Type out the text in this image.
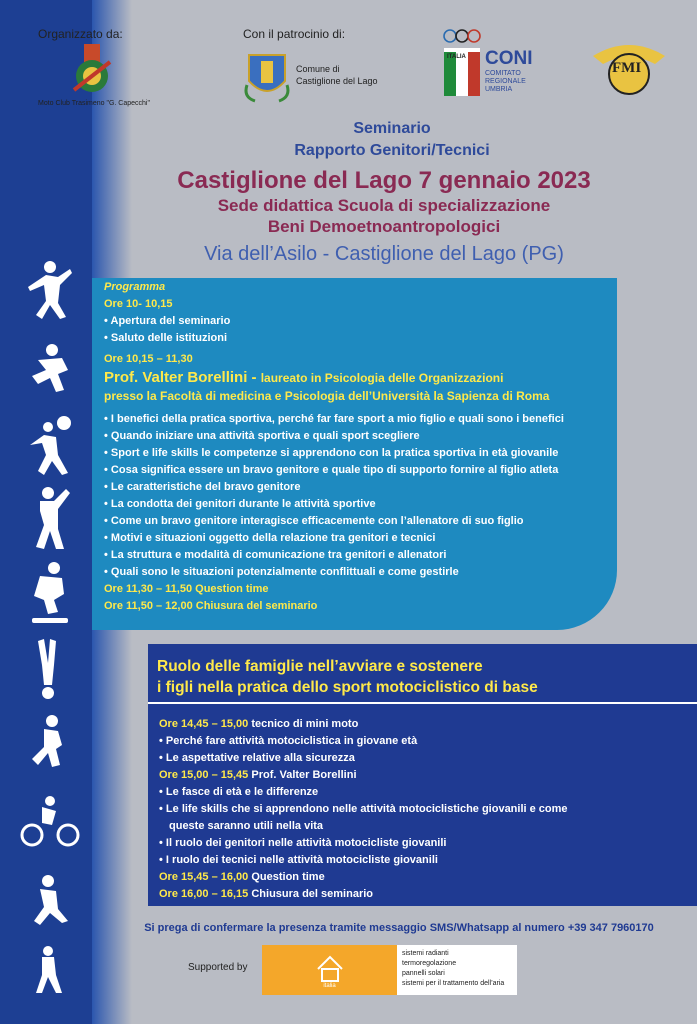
Organizzato da:
Moto Club Trasimeno "G. Capecchi"
Con il patrocinio di:
Comune di
Castiglione del Lago
ITALIA CONI
COMITATO
REGIONALE
UMBRIA
FMI
Seminario
Rapporto Genitori/Tecnici
Castiglione del Lago 7 gennaio 2023
Sede didattica Scuola di specializzazione
Beni Demoetnoantropologici
Via dell’Asilo - Castiglione del Lago (PG)
Programma
Ore 10- 10,15
• Apertura del seminario
• Saluto delle istituzioni
Ore 10,15 – 11,30
Prof. Valter Borellini - laureato in Psicologia delle Organizzazioni
presso la Facoltà di medicina e Psicologia dell’Università la Sapienza di Roma
• I benefici della pratica sportiva, perché far fare sport a mio figlio e quali sono i benefici
• Quando iniziare una attività sportiva e quali sport scegliere
• Sport e life skills le competenze si apprendono con la pratica sportiva in età giovanile
• Cosa significa essere un bravo genitore e quale tipo di supporto fornire al figlio atleta
• Le caratteristiche del bravo genitore
• La condotta dei genitori durante le attività sportive
• Come un bravo genitore interagisce efficacemente con l’allenatore di suo figlio
• Motivi e situazioni oggetto della relazione tra genitori e tecnici
• La struttura e modalità di comunicazione tra genitori e allenatori
• Quali sono le situazioni potenzialmente conflittuali e come gestirle
Ore 11,30 – 11,50 Question time
Ore 11,50 – 12,00 Chiusura del seminario
Ruolo delle famiglie nell’avviare e sostenere
i figli nella pratica dello sport motociclistico di base
Ore 14,45 – 15,00 tecnico di mini moto
• Perché fare attività motociclistica in giovane età
• Le aspettative relative alla sicurezza
Ore 15,00 – 15,45 Prof. Valter Borellini
• Le fasce di età e le differenze
• Le life skills che si apprendono nelle attività motociclistiche giovanili e come
queste saranno utili nella vita
• Il ruolo dei genitori nelle attività motocicliste giovanili
• I ruolo dei tecnici nelle attività motocicliste giovanili
Ore 15,45 – 16,00 Question time
Ore 16,00 – 16,15 Chiusura del seminario
Si prega di confermare la presenza tramite messaggio SMS/Whatsapp al numero +39 347 7960170
Supported by
italia
sistemi radianti
termoregolazione
pannelli solari
sistemi per il trattamento dell’aria
